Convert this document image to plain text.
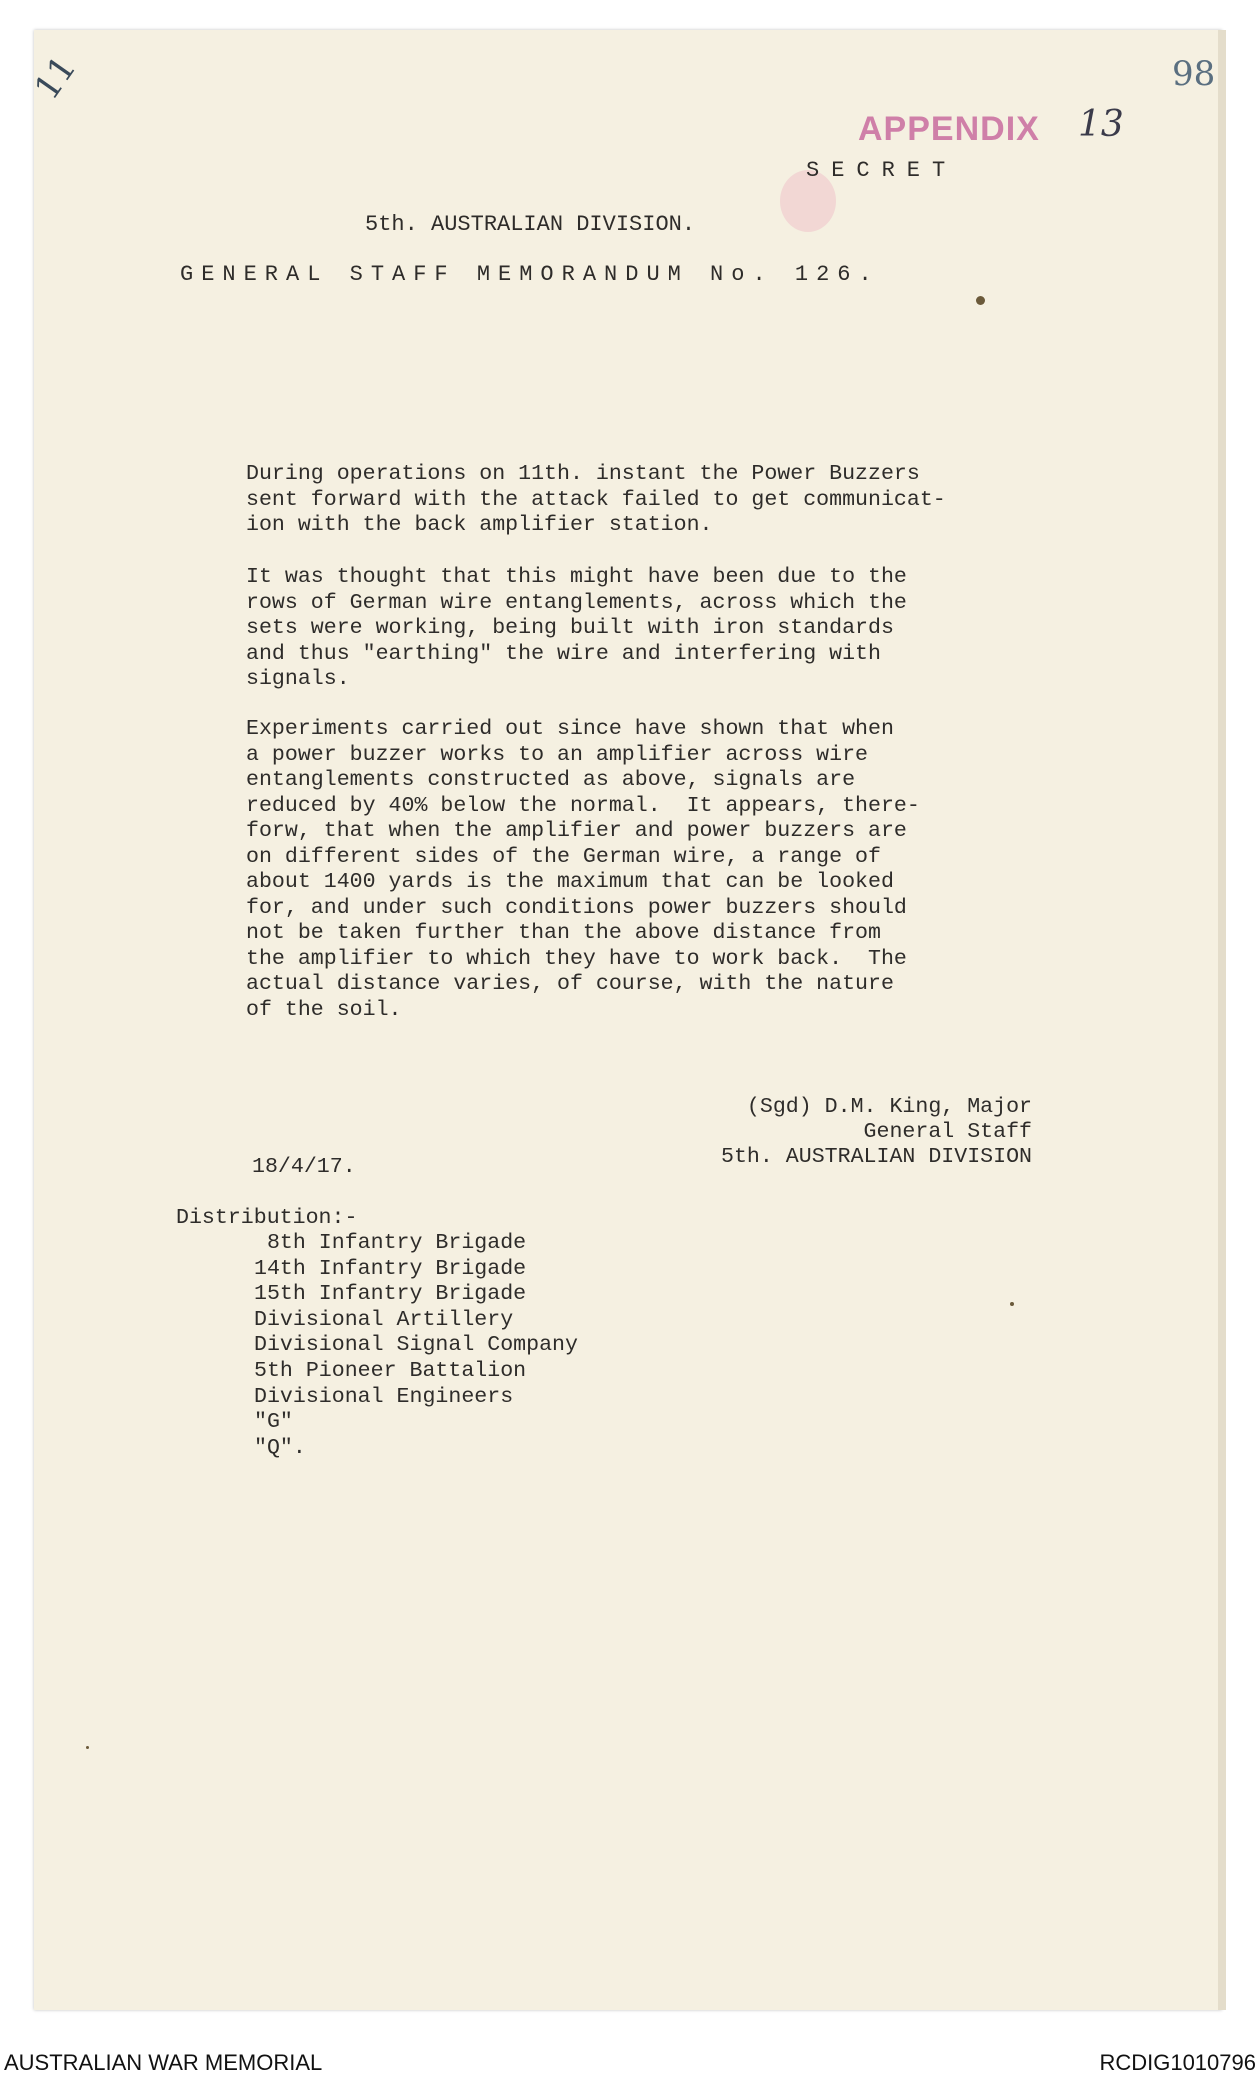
11	98
APPENDIX 13
SECRET
5th. AUSTRALIAN DIVISION.
GENERAL STAFF MEMORANDUM No. 126.

During operations on 11th. instant the Power Buzzers
sent forward with the attack failed to get communicat-
ion with the back amplifier station.

It was thought that this might have been due to the
rows of German wire entanglements, across which the
sets were working, being built with iron standards
and thus "earthing" the wire and interfering with
signals.

Experiments carried out since have shown that when
a power buzzer works to an amplifier across wire
entanglements constructed as above, signals are
reduced by 40% below the normal.  It appears, there-
forw, that when the amplifier and power buzzers are
on different sides of the German wire, a range of
about 1400 yards is the maximum that can be looked
for, and under such conditions power buzzers should
not be taken further than the above distance from
the amplifier to which they have to work back.  The
actual distance varies, of course, with the nature
of the soil.

(Sgd) D.M. King, Major
General Staff
5th. AUSTRALIAN DIVISION
18/4/17.
Distribution:-
8th Infantry Brigade
14th Infantry Brigade
15th Infantry Brigade
Divisional Artillery
Divisional Signal Company
5th Pioneer Battalion
Divisional Engineers
"G"
"Q".
AUSTRALIAN WAR MEMORIAL	RCDIG1010796
